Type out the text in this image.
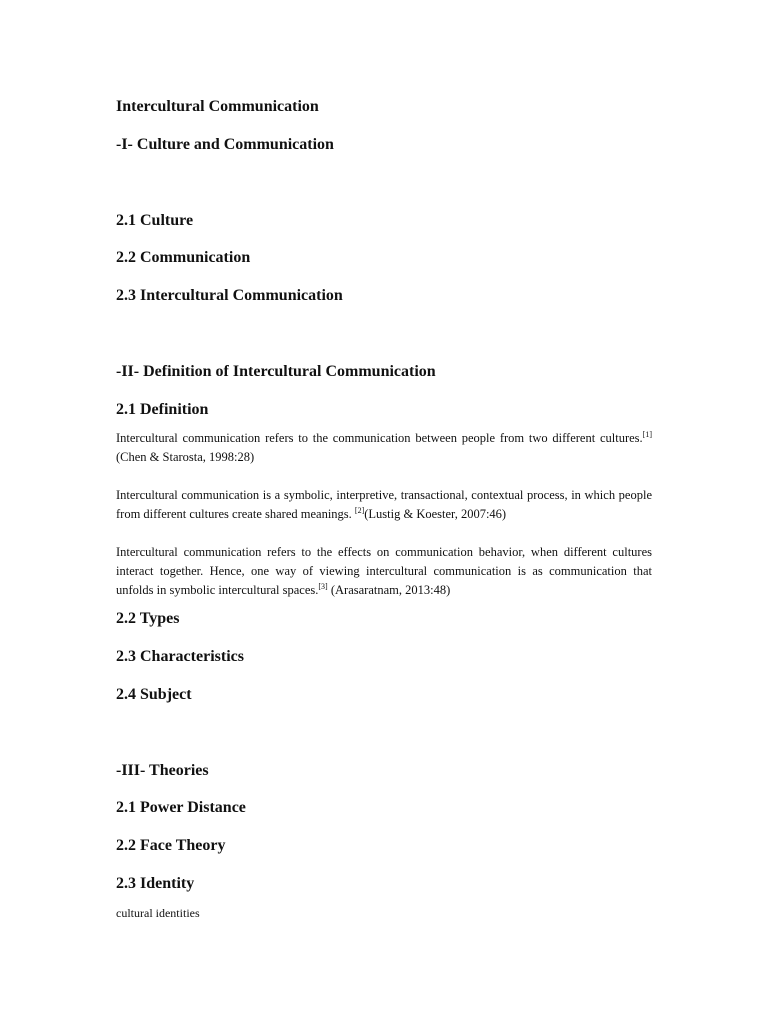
Intercultural Communication
-I- Culture and Communication
2.1 Culture
2.2 Communication
2.3 Intercultural Communication
-II- Definition of Intercultural Communication
2.1 Definition

Intercultural communication refers to the communication between people from two different cultures.[1] (Chen & Starosta, 1998:28)

Intercultural communication is a symbolic, interpretive, transactional, contextual process, in which people from different cultures create shared meanings. [2](Lustig & Koester, 2007:46)

Intercultural communication refers to the effects on communication behavior, when different cultures interact together. Hence, one way of viewing intercultural communication is as communication that unfolds in symbolic intercultural spaces.[3] (Arasaratnam, 2013:48)

2.2 Types
2.3 Characteristics
2.4 Subject
-III- Theories
2.1 Power Distance
2.2 Face Theory
2.3 Identity

cultural identities
